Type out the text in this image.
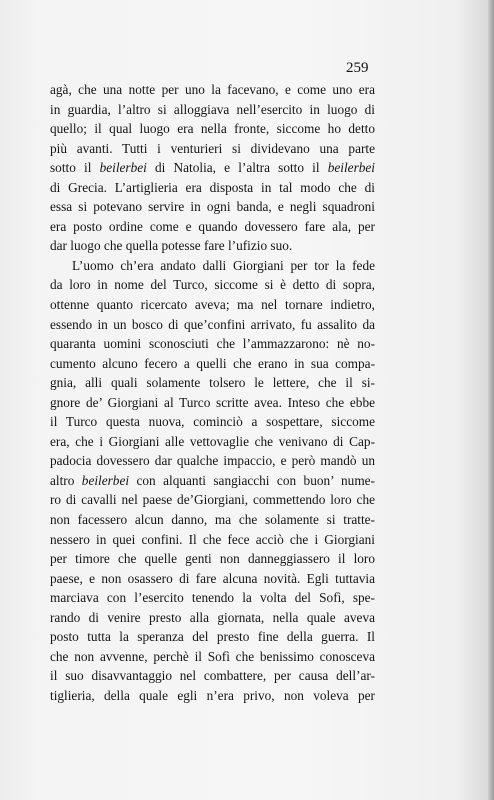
259
agà, che una notte per uno la facevano, e come uno era
in guardia, l’altro si alloggiava nell’esercito in luogo di
quello; il qual luogo era nella fronte, siccome ho detto
più avanti. Tutti i venturieri si dividevano una parte
sotto il beilerbei di Natolia, e l’altra sotto il beilerbei
di Grecia. L’artiglieria era disposta in tal modo che di
essa si potevano servire in ogni banda, e negli squadroni
era posto ordine come e quando dovessero fare ala, per
dar luogo che quella potesse fare l’ufizio suo.
L’uomo ch’era andato dalli Giorgiani per tor la fede
da loro in nome del Turco, siccome si è detto di sopra,
ottenne quanto ricercato aveva; ma nel tornare indietro,
essendo in un bosco di que’confini arrivato, fu assalito da
quaranta uomini sconosciuti che l’ammazzarono: nè no-
cumento alcuno fecero a quelli che erano in sua compa-
gnia, alli quali solamente tolsero le lettere, che il si-
gnore de’ Giorgiani al Turco scritte avea. Inteso che ebbe
il Turco questa nuova, cominciò a sospettare, siccome
era, che i Giorgiani alle vettovaglie che venivano di Cap-
padocia dovessero dar qualche impaccio, e però mandò un
altro beilerbei con alquanti sangiacchi con buon’ nume-
ro di cavalli nel paese de’Giorgiani, commettendo loro che
non facessero alcun danno, ma che solamente si tratte-
nessero in quei confini. Il che fece acciò che i Giorgiani
per timore che quelle genti non danneggiassero il loro
paese, e non osassero di fare alcuna novità. Egli tuttavia
marciava con l’esercito tenendo la volta del Sofì, spe-
rando di venire presto alla giornata, nella quale aveva
posto tutta la speranza del presto fine della guerra. Il
che non avvenne, perchè il Sofì che benissimo conosceva
il suo disavvantaggio nel combattere, per causa dell’ar-
tiglieria, della quale egli n’era privo, non voleva per
